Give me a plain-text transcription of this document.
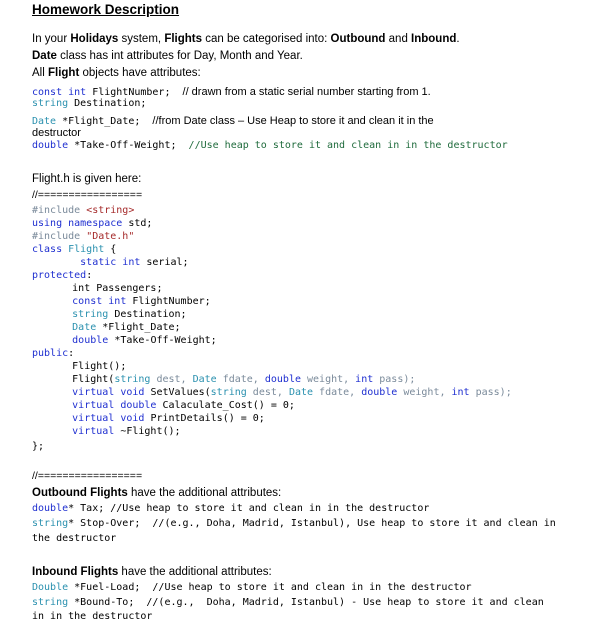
Homework Description
In your Holidays system, Flights can be categorised into: Outbound and Inbound.
Date class has int attributes for Day, Month and Year.
All Flight objects have attributes:
const int FlightNumber;  // drawn from a static serial number starting from 1.
string Destination;
Date *Flight_Date;  //from Date class – Use Heap to store it and clean it in the
destructor
double *Take-Off-Weight;  //Use heap to store it and clean in in the destructor
Flight.h is given here:
//=================
#include <string>
using namespace std;
#include "Date.h"
class Flight {
static int serial;
protected:
int Passengers;
const int FlightNumber;
string Destination;
Date *Flight_Date;
double *Take-Off-Weight;
public:
Flight();
Flight(string dest, Date fdate, double weight, int pass);
virtual void SetValues(string dest, Date fdate, double weight, int pass);
virtual double Calaculate_Cost() = 0;
virtual void PrintDetails() = 0;
virtual ~Flight();
};
//=================
Outbound Flights have the additional attributes:
double* Tax; //Use heap to store it and clean in in the destructor
string* Stop-Over;  //(e.g., Doha, Madrid, Istanbul), Use heap to store it and clean in
the destructor
Inbound Flights have the additional attributes:
Double *Fuel-Load;  //Use heap to store it and clean in in the destructor
string *Bound-To;  //(e.g.,  Doha, Madrid, Istanbul) - Use heap to store it and clean
in in the destructor
